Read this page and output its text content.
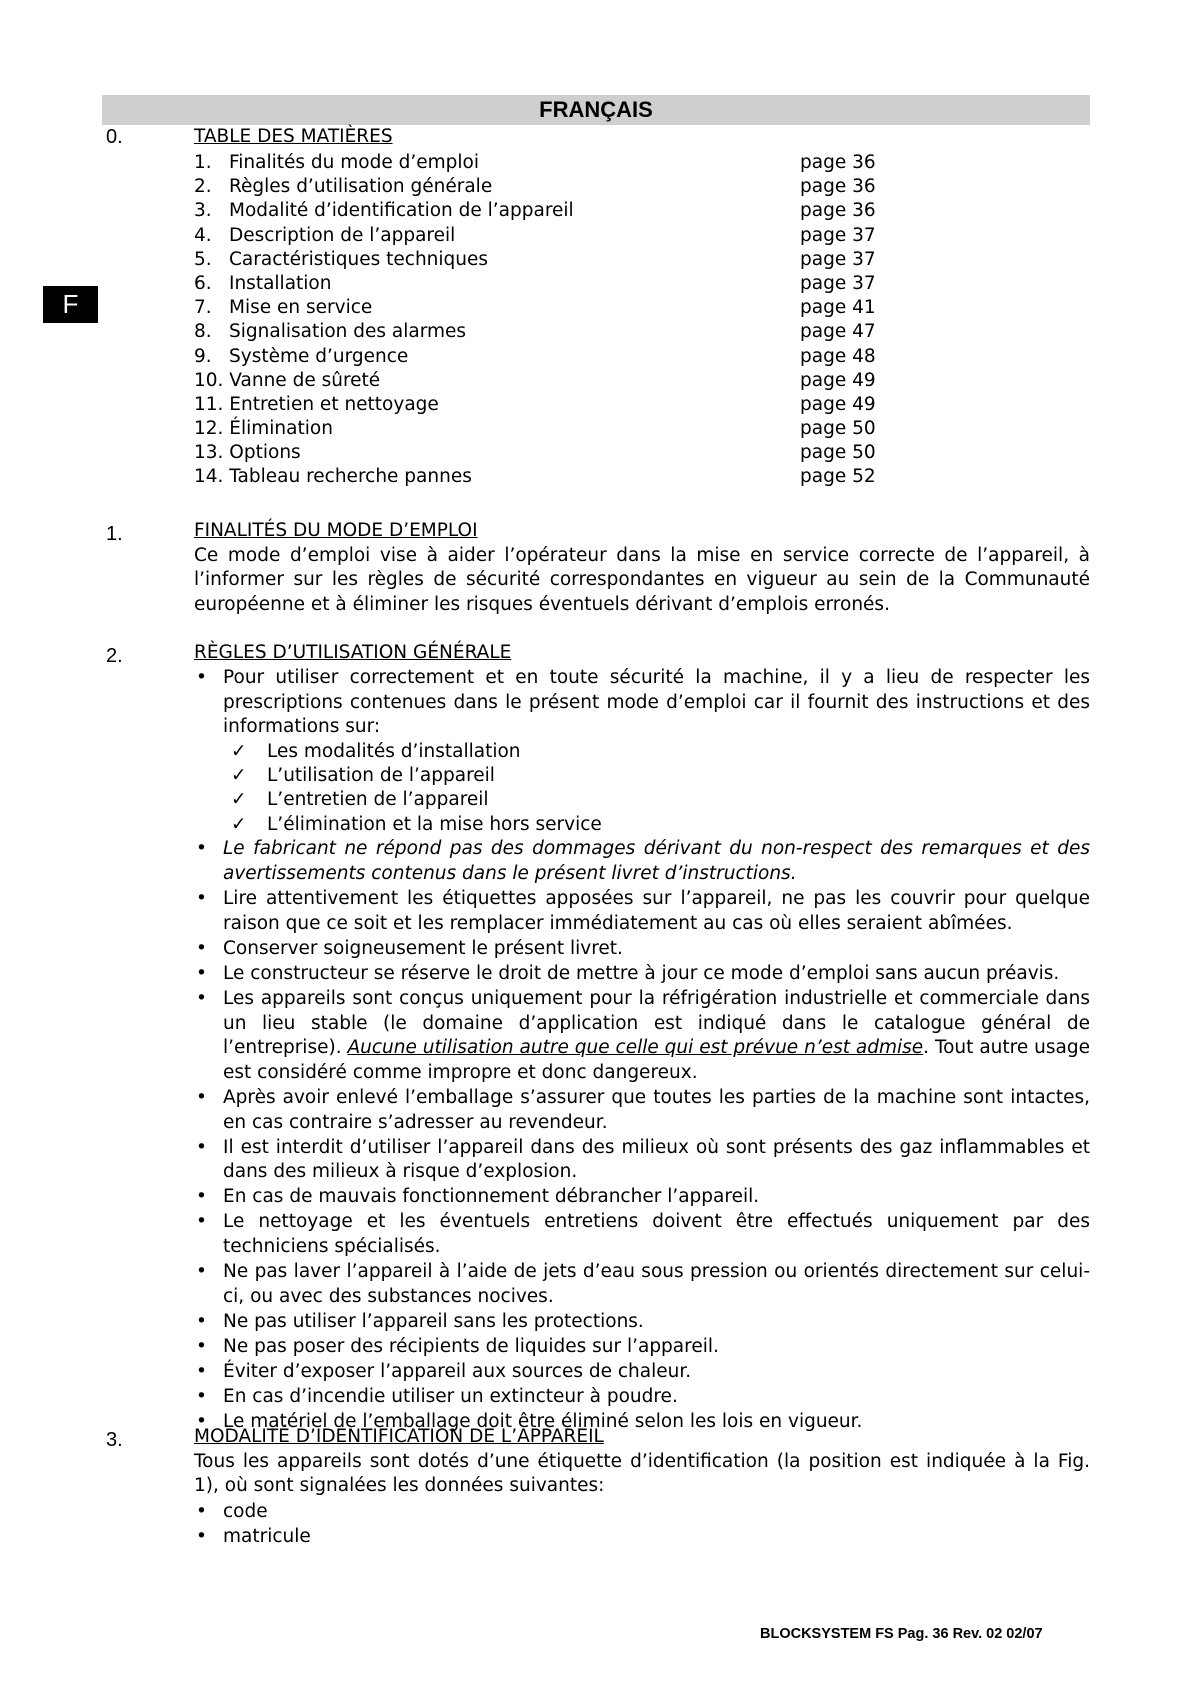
FRANÇAIS
F
0.	TABLE DES MATIÈRES
1. Finalités du mode d’emploi	page 36
2. Règles d’utilisation générale	page 36
3. Modalité d’identification de l’appareil	page 36
4. Description de l’appareil	page 37
5. Caractéristiques techniques	page 37
6. Installation	page 37
7. Mise en service	page 41
8. Signalisation des alarmes	page 47
9. Système d’urgence	page 48
10. Vanne de sûreté	page 49
11. Entretien et nettoyage	page 49
12. Élimination	page 50
13. Options	page 50
14. Tableau recherche pannes	page 52
1.	FINALITÉS DU MODE D’EMPLOI

Ce mode d’emploi vise à aider l’opérateur dans la mise en service correcte de l’appareil, à l’informer sur les règles de sécurité correspondantes en vigueur au sein de la Communauté européenne et à éliminer les risques éventuels dérivant d’emplois erronés.

2.	RÈGLES D’UTILISATION GÉNÉRALE
• Pour utiliser correctement et en toute sécurité la machine, il y a lieu de respecter les prescriptions contenues dans le présent mode d’emploi car il fournit des instructions et des informations sur:
✓ Les modalités d’installation
✓ L’utilisation de l’appareil
✓ L’entretien de l’appareil
✓ L’élimination et la mise hors service
• Le fabricant ne répond pas des dommages dérivant du non-respect des remarques et des avertissements contenus dans le présent livret d’instructions.
• Lire attentivement les étiquettes apposées sur l’appareil, ne pas les couvrir pour quelque raison que ce soit et les remplacer immédiatement au cas où elles seraient abîmées.
• Conserver soigneusement le présent livret.
• Le constructeur se réserve le droit de mettre à jour ce mode d’emploi sans aucun préavis.
• Les appareils sont conçus uniquement pour la réfrigération industrielle et commerciale dans un lieu stable (le domaine d’application est indiqué dans le catalogue général de l’entreprise). Aucune utilisation autre que celle qui est prévue n’est admise. Tout autre usage est considéré comme impropre et donc dangereux.
• Après avoir enlevé l’emballage s’assurer que toutes les parties de la machine sont intactes, en cas contraire s’adresser au revendeur.
• Il est interdit d’utiliser l’appareil dans des milieux où sont présents des gaz inflammables et dans des milieux à risque d’explosion.
• En cas de mauvais fonctionnement débrancher l’appareil.
• Le nettoyage et les éventuels entretiens doivent être effectués uniquement par des techniciens spécialisés.
• Ne pas laver l’appareil à l’aide de jets d’eau sous pression ou orientés directement sur celui-ci, ou avec des substances nocives.
• Ne pas utiliser l’appareil sans les protections.
• Ne pas poser des récipients de liquides sur l’appareil.
• Éviter d’exposer l’appareil aux sources de chaleur.
• En cas d’incendie utiliser un extincteur à poudre.
• Le matériel de l’emballage doit être éliminé selon les lois en vigueur.
3.	MODALITÉ D’IDENTIFICATION DE L’APPAREIL

Tous les appareils sont dotés d’une étiquette d’identification (la position est indiquée à la Fig. 1), où sont signalées les données suivantes:

• code
• matricule
BLOCKSYSTEM FS Pag. 36 Rev. 02 02/07
